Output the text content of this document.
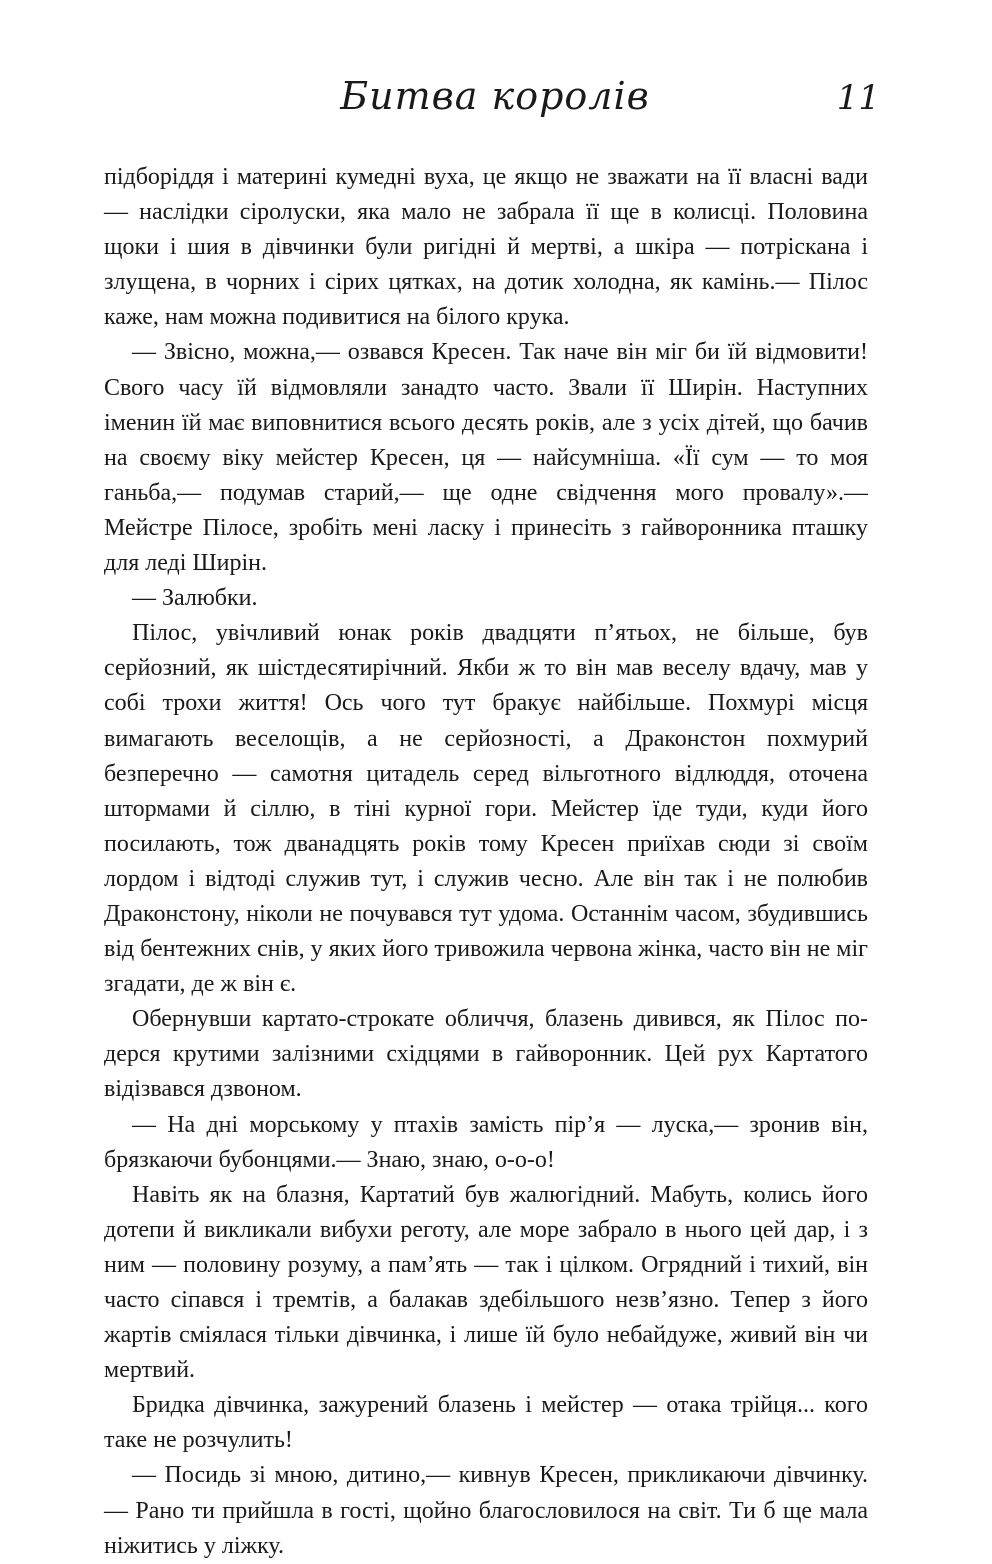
Битва королів	11

підборіддя і материні кумедні вуха, це якщо не зважати на її власні вади — наслідки сіролуски, яка мало не забрала її ще в колисці. Половина щоки і шия в дівчинки були ригідні й мертві, а шкіра — потріскана і злущена, в чорних і сірих цятках, на дотик холодна, як камінь.— Пілос каже, нам можна подивитися на білого крука.

— Звісно, можна,— озвався Кресен. Так наче він міг би їй відмовити! Свого часу їй відмовляли занадто часто. Звали її Ширін. Наступних іменин їй має виповнитися всього десять років, але з усіх дітей, що бачив на своєму віку мейстер Кресен, ця — найсумніша. «Її сум — то моя ганьба,— подумав старий,— ще одне свідчення мого провалу».— Мейстре Пілосе, зробіть мені ласку і принесіть з гайворонника пташку для леді Ширін.

— Залюбки.

Пілос, увічливий юнак років двадцяти п’ятьох, не більше, був серйозний, як шістдесятирічний. Якби ж то він мав веселу вдачу, мав у собі трохи життя! Ось чого тут бракує найбільше. Похмурі місця вимагають веселощів, а не серйозності, а Драконстон похмурий безперечно — самотня цитадель серед вільготного відлюддя, оточена штормами й сіллю, в тіні курної гори. Мейстер їде туди, куди його посилають, тож дванадцять років тому Кресен приїхав сюди зі своїм лордом і відтоді служив тут, і служив чесно. Але він так і не полюбив Драконстону, ніколи не почувався тут удома. Останнім часом, збудившись від бентежних снів, у яких його тривожила червона жінка, часто він не міг згадати, де ж він є.

Обернувши картато-строкате обличчя, блазень дивився, як Пілос подерся крутими залізними східцями в гайворонник. Цей рух Картатого відізвався дзвоном.

— На дні морському у птахів замість пір’я — луска,— зронив він, брязкаючи бубонцями.— Знаю, знаю, о-о-о!

Навіть як на блазня, Картатий був жалюгідний. Мабуть, колись його дотепи й викликали вибухи реготу, але море забрало в нього цей дар, і з ним — половину розуму, а пам’ять — так і цілком. Огрядний і тихий, він часто сіпався і тремтів, а балакав здебільшого незв’язно. Тепер з його жартів сміялася тільки дівчинка, і лише їй було небайдуже, живий він чи мертвий.

Бридка дівчинка, зажурений блазень і мейстер — отака трійця... кого таке не розчулить!

— Посидь зі мною, дитино,— кивнув Кресен, прикликаючи дівчинку.— Рано ти прийшла в гості, щойно благословилося на світ. Ти б ще мала ніжитись у ліжку.
